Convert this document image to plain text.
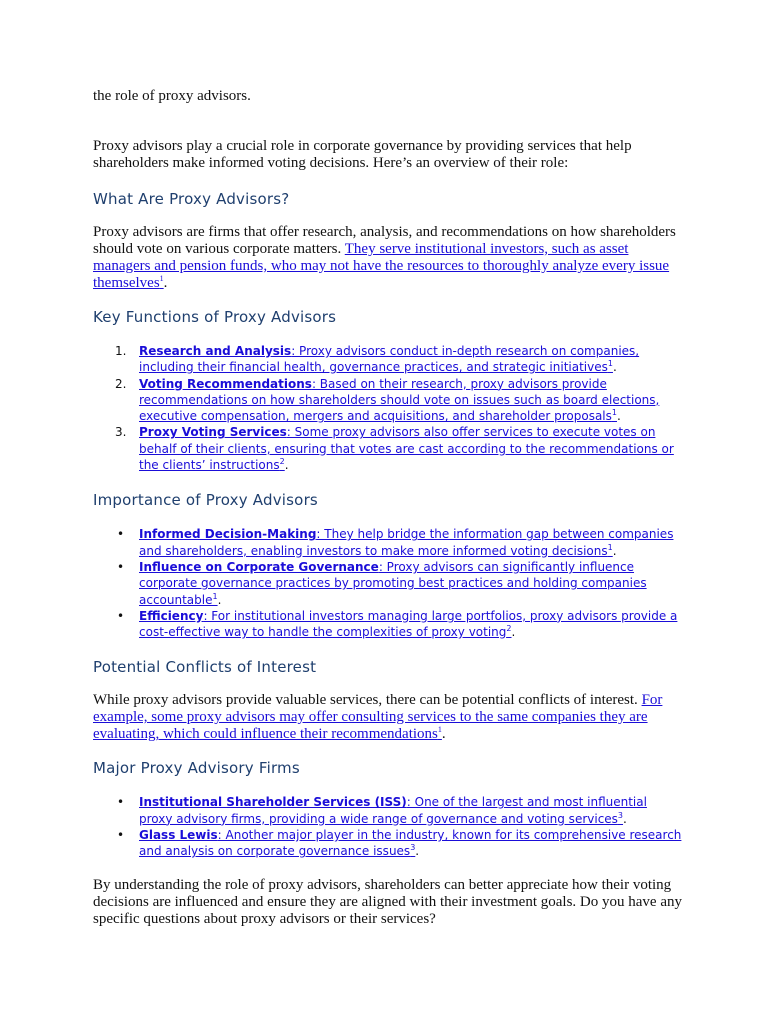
the role of proxy advisors.

Proxy advisors play a crucial role in corporate governance by providing services that help shareholders make informed voting decisions. Here’s an overview of their role:

What Are Proxy Advisors?

Proxy advisors are firms that offer research, analysis, and recommendations on how shareholders should vote on various corporate matters. They serve institutional investors, such as asset managers and pension funds, who may not have the resources to thoroughly analyze every issue themselves$^1$.

Key Functions of Proxy Advisors
1. Research and Analysis: Proxy advisors conduct in-depth research on companies, including their financial health, governance practices, and strategic initiatives$^1$.
2. Voting Recommendations: Based on their research, proxy advisors provide recommendations on how shareholders should vote on issues such as board elections, executive compensation, mergers and acquisitions, and shareholder proposals$^1$.
3. Proxy Voting Services: Some proxy advisors also offer services to execute votes on behalf of their clients, ensuring that votes are cast according to the recommendations or the clients’ instructions$^2$.
Importance of Proxy Advisors
• Informed Decision-Making: They help bridge the information gap between companies and shareholders, enabling investors to make more informed voting decisions$^1$.
• Influence on Corporate Governance: Proxy advisors can significantly influence corporate governance practices by promoting best practices and holding companies accountable$^1$.
• Efficiency: For institutional investors managing large portfolios, proxy advisors provide a cost-effective way to handle the complexities of proxy voting$^2$.
Potential Conflicts of Interest

While proxy advisors provide valuable services, there can be potential conflicts of interest. For example, some proxy advisors may offer consulting services to the same companies they are evaluating, which could influence their recommendations$^1$.

Major Proxy Advisory Firms
• Institutional Shareholder Services (ISS): One of the largest and most influential proxy advisory firms, providing a wide range of governance and voting services$^3$.
• Glass Lewis: Another major player in the industry, known for its comprehensive research and analysis on corporate governance issues$^3$.

By understanding the role of proxy advisors, shareholders can better appreciate how their voting decisions are influenced and ensure they are aligned with their investment goals. Do you have any specific questions about proxy advisors or their services?
